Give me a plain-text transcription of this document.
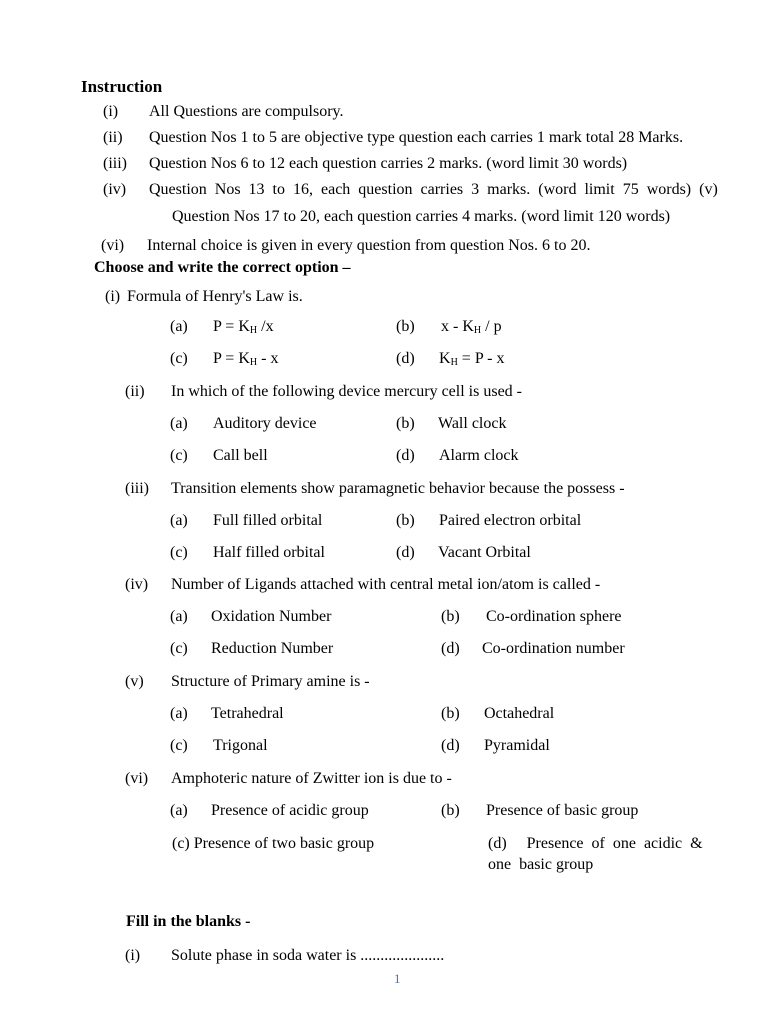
Instruction
(i) All Questions are compulsory.
(ii) Question Nos 1 to 5 are objective type question each carries 1 mark total 28 Marks.
(iii) Question Nos 6 to 12 each question carries 2 marks. (word limit 30 words)
(iv) Question  Nos  13  to  16,  each  question  carries  3  marks.  (word  limit  75  words)  (v)
Question Nos 17 to 20, each question carries 4 marks. (word limit 120 words)
(vi) Internal choice is given in every question from question Nos. 6 to 20.
Choose and write the correct option –
(i) Formula of Henry's Law is.
(a) $P = K_H$ /x	(b) x - $K_H$ / p
(c) $P = K_H - x$	(d) $K_H = P - x$
(ii) In which of the following device mercury cell is used -
(a) Auditory device	(b) Wall clock
(c) Call bell	(d) Alarm clock
(iii) Transition elements show paramagnetic behavior because the possess -
(a) Full filled orbital	(b) Paired electron orbital
(c) Half filled orbital	(d) Vacant Orbital
(iv) Number of Ligands attached with central metal ion/atom is called -
(a) Oxidation Number	(b) Co-ordination sphere
(c) Reduction Number	(d) Co-ordination number
(v) Structure of Primary amine is -
(a) Tetrahedral	(b) Octahedral
(c) Trigonal	(d) Pyramidal
(vi) Amphoteric nature of Zwitter ion is due to -
(a) Presence of acidic group	(b) Presence of basic group
(c) Presence of two basic group	(d)     Presence  of  one  acidic  &
one  basic group
Fill in the blanks -
(i) Solute phase in soda water is .....................
1
